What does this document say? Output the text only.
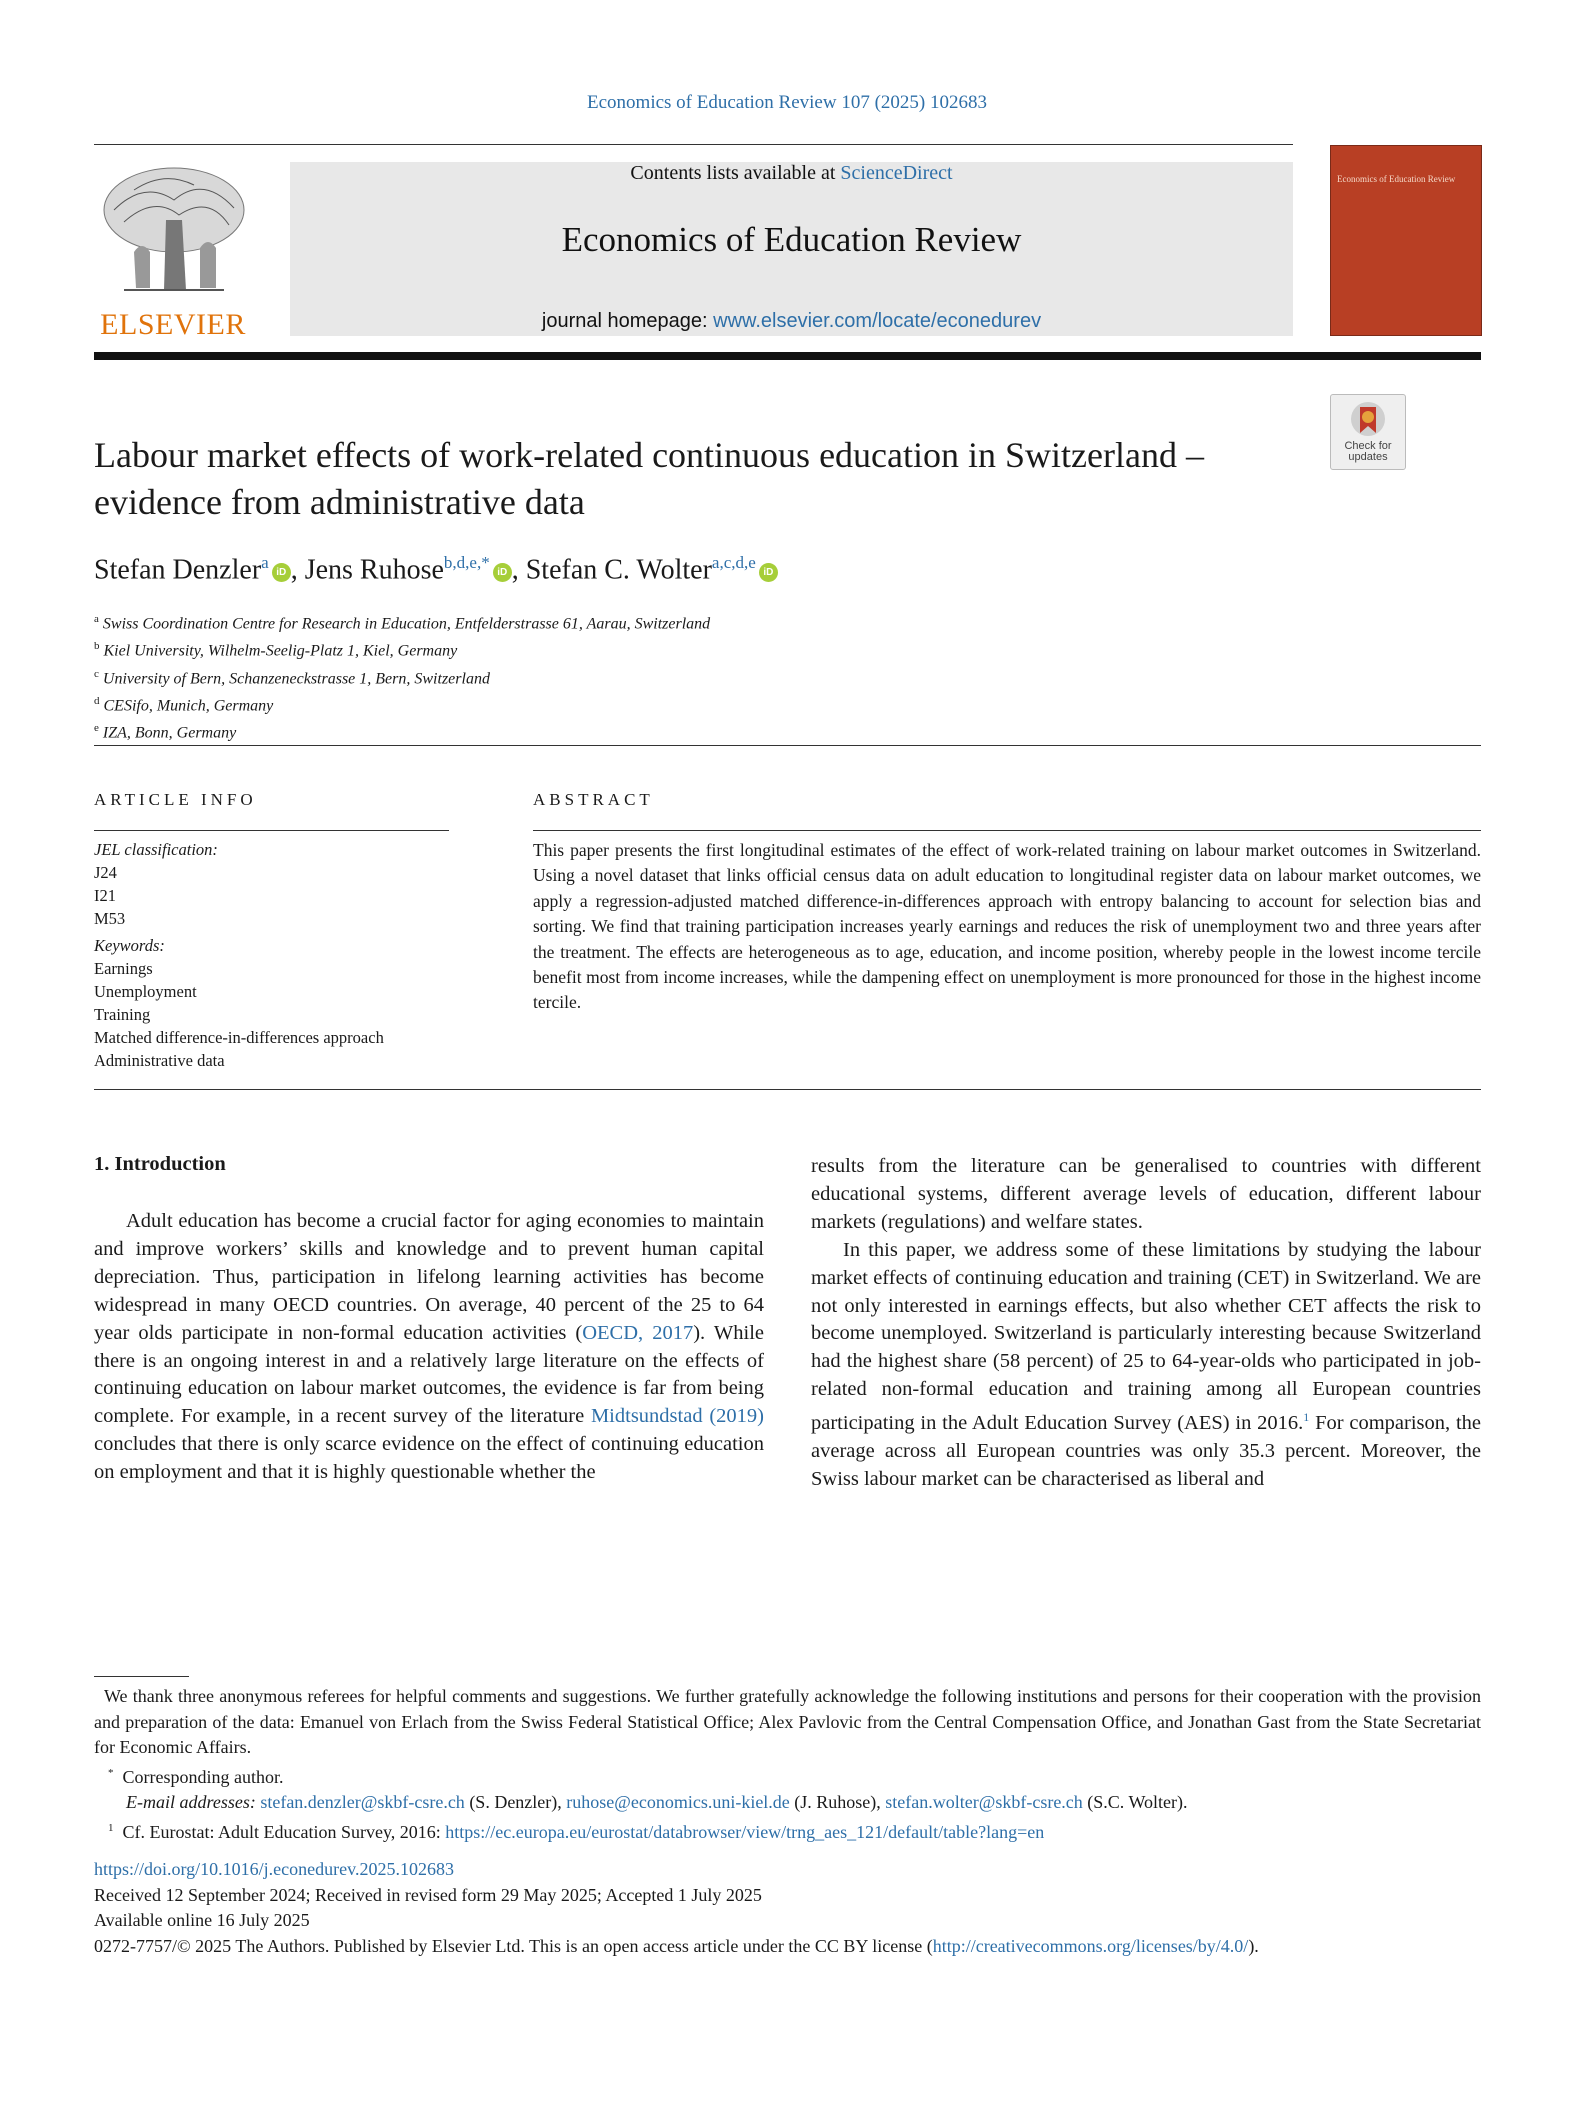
Economics of Education Review 107 (2025) 102683
ELSEVIER
Contents lists available at ScienceDirect
Economics of Education Review
journal homepage: www.elsevier.com/locate/econedurev
Economics of Education Review
Check for updates
Labour market effects of work-related continuous education in Switzerland – evidence from administrative data
Stefan Denzler$^a$iD , Jens Ruhose$^{b,d,e,*}$iD , Stefan C. Wolter$^{a,c,d,e}$iD
$^a$ Swiss Coordination Centre for Research in Education, Entfelderstrasse 61, Aarau, Switzerland
$^b$ Kiel University, Wilhelm-Seelig-Platz 1, Kiel, Germany
$^c$ University of Bern, Schanzeneckstrasse 1, Bern, Switzerland
$^d$ CESifo, Munich, Germany
$^e$ IZA, Bonn, Germany
ARTICLE INFO	ABSTRACT
JEL classification:
J24
I21
M53
Keywords:
Earnings
Unemployment
Training
Matched difference-in-differences approach
Administrative data
This paper presents the first longitudinal estimates of the effect of work-related training on labour market outcomes in Switzerland. Using a novel dataset that links official census data on adult education to longitudinal register data on labour market outcomes, we apply a regression-adjusted matched difference-in-differences approach with entropy balancing to account for selection bias and sorting. We find that training participation increases yearly earnings and reduces the risk of unemployment two and three years after the treatment. The effects are heterogeneous as to age, education, and income position, whereby people in the lowest income tercile benefit most from income increases, while the dampening effect on unemployment is more pronounced for those in the highest income tercile.
1. Introduction

Adult education has become a crucial factor for aging economies to maintain and improve workers’ skills and knowledge and to prevent human capital depreciation. Thus, participation in lifelong learning activities has become widespread in many OECD countries. On average, 40 percent of the 25 to 64 year olds participate in non-formal education activities (OECD, 2017). While there is an ongoing interest in and a relatively large literature on the effects of continuing education on labour market outcomes, the evidence is far from being complete. For example, in a recent survey of the literature Midtsundstad (2019) concludes that there is only scarce evidence on the effect of continuing education on employment and that it is highly questionable whether the

results from the literature can be generalised to countries with different educational systems, different average levels of education, different labour markets (regulations) and welfare states.

In this paper, we address some of these limitations by studying the labour market effects of continuing education and training (CET) in Switzerland. We are not only interested in earnings effects, but also whether CET affects the risk to become unemployed. Switzerland is particularly interesting because Switzerland had the highest share (58 percent) of 25 to 64-year-olds who participated in job-related non-formal education and training among all European countries participating in the Adult Education Survey (AES) in 2016.$^1$ For comparison, the average across all European countries was only 35.3 percent. Moreover, the Swiss labour market can be characterised as liberal and

We thank three anonymous referees for helpful comments and suggestions. We further gratefully acknowledge the following institutions and persons for their cooperation with the provision and preparation of the data: Emanuel von Erlach from the Swiss Federal Statistical Office; Alex Pavlovic from the Central Compensation Office, and Jonathan Gast from the State Secretariat for Economic Affairs.

* Corresponding author.

E-mail addresses: stefan.denzler@skbf-csre.ch (S. Denzler), ruhose@economics.uni-kiel.de (J. Ruhose), stefan.wolter@skbf-csre.ch (S.C. Wolter).

$^1$ Cf. Eurostat: Adult Education Survey, 2016: https://ec.europa.eu/eurostat/databrowser/view/trng_aes_121/default/table?lang=en

https://doi.org/10.1016/j.econedurev.2025.102683
Received 12 September 2024; Received in revised form 29 May 2025; Accepted 1 July 2025
Available online 16 July 2025
0272-7757/© 2025 The Authors. Published by Elsevier Ltd. This is an open access article under the CC BY license (http://creativecommons.org/licenses/by/4.0/).
